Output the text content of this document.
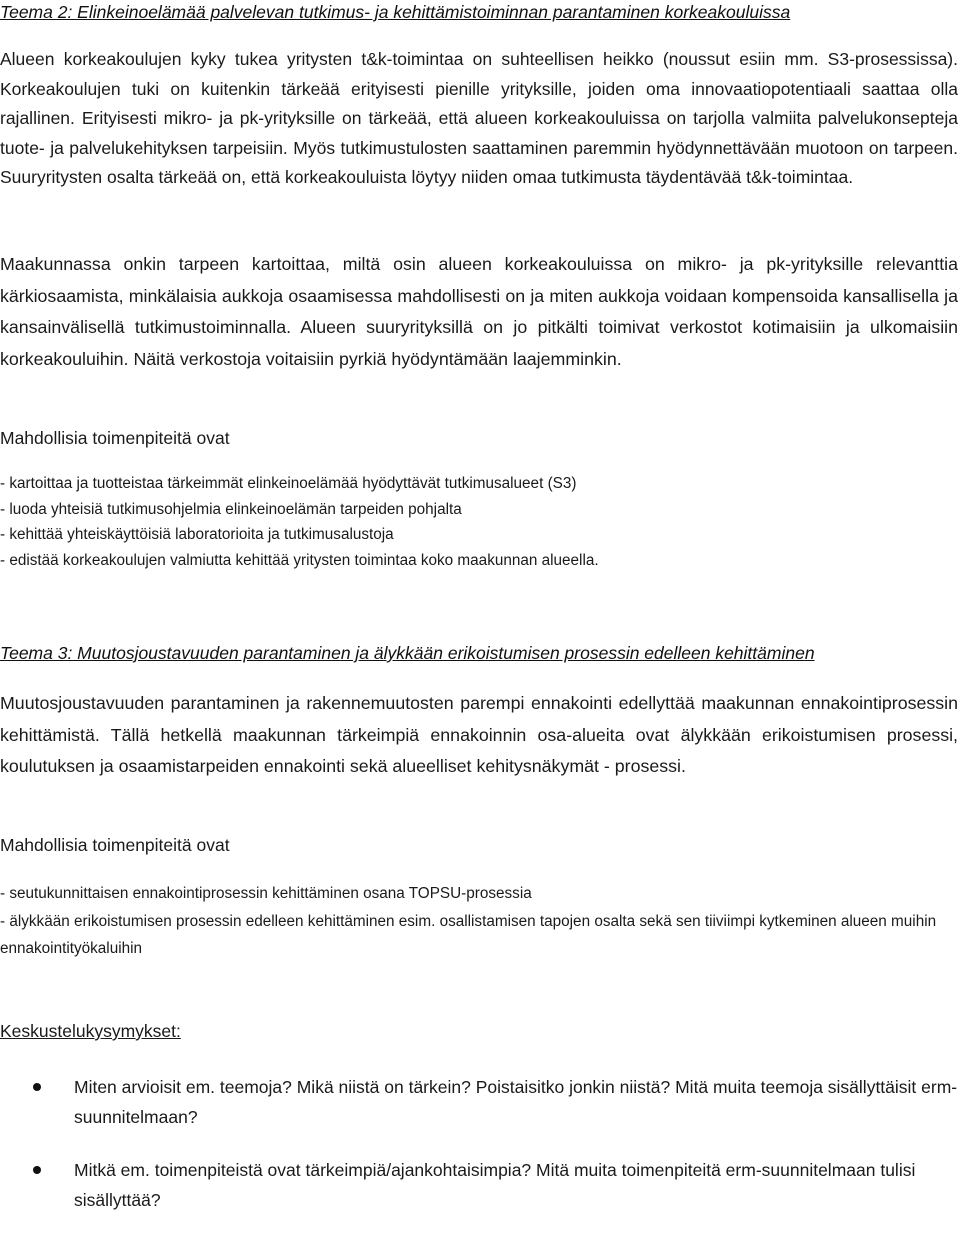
Teema 2: Elinkeinoelämää palvelevan tutkimus- ja kehittämistoiminnan parantaminen korkeakouluissa

Alueen korkeakoulujen kyky tukea yritysten t&k-toimintaa on suhteellisen heikko (noussut esiin mm. S3-prosessissa). Korkeakoulujen tuki on kuitenkin tärkeää erityisesti pienille yrityksille, joiden oma innovaatiopotentiaali saattaa olla rajallinen. Erityisesti mikro- ja pk-yrityksille on tärkeää, että alueen korkeakouluissa on tarjolla valmiita palvelukonsepteja tuote- ja palvelukehityksen tarpeisiin. Myös tutkimustulosten saattaminen paremmin hyödynnettävään muotoon on tarpeen. Suuryritysten osalta tärkeää on, että korkeakouluista löytyy niiden omaa tutkimusta täydentävää t&k-toimintaa.

Maakunnassa onkin tarpeen kartoittaa, miltä osin alueen korkeakouluissa on mikro- ja pk-yrityksille relevanttia kärkiosaamista, minkälaisia aukkoja osaamisessa mahdollisesti on ja miten aukkoja voidaan kompensoida kansallisella ja kansainvälisellä tutkimustoiminnalla. Alueen suuryrityksillä on jo pitkälti toimivat verkostot kotimaisiin ja ulkomaisiin korkeakouluihin. Näitä verkostoja voitaisiin pyrkiä hyödyntämään laajemminkin.

Mahdollisia toimenpiteitä ovat
- kartoittaa ja tuotteistaa tärkeimmät elinkeinoelämää hyödyttävät tutkimusalueet (S3)
- luoda yhteisiä tutkimusohjelmia elinkeinoelämän tarpeiden pohjalta
- kehittää yhteiskäyttöisiä laboratorioita ja tutkimusalustoja
- edistää korkeakoulujen valmiutta kehittää yritysten toimintaa koko maakunnan alueella.
Teema 3: Muutosjoustavuuden parantaminen ja älykkään erikoistumisen prosessin edelleen kehittäminen

Muutosjoustavuuden parantaminen ja rakennemuutosten parempi ennakointi edellyttää maakunnan ennakointiprosessin kehittämistä. Tällä hetkellä maakunnan tärkeimpiä ennakoinnin osa-alueita ovat älykkään erikoistumisen prosessi, koulutuksen ja osaamistarpeiden ennakointi sekä alueelliset kehitysnäkymät - prosessi.

Mahdollisia toimenpiteitä ovat
- seutukunnittaisen ennakointiprosessin kehittäminen osana TOPSU-prosessia
- älykkään erikoistumisen prosessin edelleen kehittäminen esim. osallistamisen tapojen osalta sekä sen tiiviimpi kytkeminen alueen muihin ennakointityökaluihin
Keskustelukysymykset:
Miten arvioisit em. teemoja? Mikä niistä on tärkein? Poistaisitko jonkin niistä? Mitä muita teemoja sisällyttäisit erm-suunnitelmaan?
Mitkä em. toimenpiteistä ovat tärkeimpiä/ajankohtaisimpia? Mitä muita toimenpiteitä erm-suunnitelmaan tulisi sisällyttää?
